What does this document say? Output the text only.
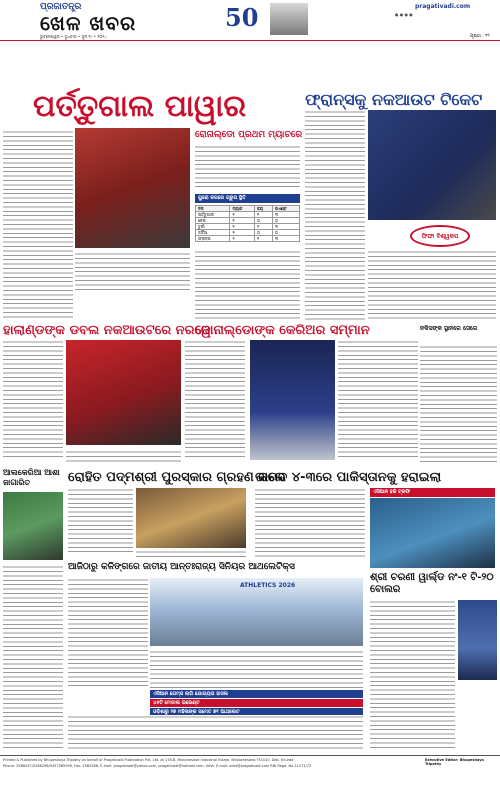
ପ୍ରଜାତନ୍ତ୍ର
ଖେଳ ଖବର	50
ଭୁବନେଶ୍ୱର • ବୁଧବାର • ଜୁନ୍ ୧୯ • ୨୦୨୪
pragativadi.com
● ● ● ●
ପୃଷ୍ଠା : ୧୨
ପର୍ତ୍ତୁଗାଲ ପାୱାର
ରୋନାଲ୍ଡୋ ପ୍ରଥମ ମ୍ୟାଚରେ
ୟୁରୋ କପରେ ଗ୍ରୁପ ସ୍ଥିତି
ଦଳ	ମ୍ୟାଚ	ଜୟ	ପଏଣ୍ଟ
ପର୍ତ୍ତୁଗାଲ	୧	୧	୩
ଚେକ	୧	୦	୦
ତୁର୍କୀ	୧	୧	୩
ଜର୍ଜିଆ	୧	୦	୦
ଫ୍ରାନ୍ସ	୧	୧	୩
ଫ୍ରାନ୍ସକୁ ନକଆଉଟ ଟିକେଟ
ଫିଫା ବିଶ୍ୱକପ
ହାଲାଣ୍ଡଙ୍କ ଡବଲ ନକଆଉଟରେ ନରୱେ
ଜୋନାଲ୍ଡୋଙ୍କ କେରିଅର ସମ୍ମାନ	ନକିସଙ୍କ ସ୍ଥାନରେ ସେରେ
ଆଲକେରିଆ ଆଶା ଜାଗାରିତ	ରୋହିତ ପଦ୍ମଶ୍ରୀ ପୁରସ୍କାର ଗ୍ରହଣ କଲେ
ଭାରତ ୪-୩ରେ ପାକିସ୍ତାନକୁ ହରାଇଲା
ଏସିଆନ ହକି ଟ୍ରଫି
ଆଜିଠାରୁ କଳିଙ୍ଗରେ ଜାତୀୟ ଆନ୍ତଃରାଜ୍ୟ ସିନିୟର ଆଥଲେଟିକ୍ସ
ATHLETICS 2026
ଏସିଆନ ଗେମ୍ସ ଲାଗି ଯୋଗ୍ୟତା ହାସଲ
୪୫ଟି ମେଡାଲ ଇଭେଣ୍ଟ
ଓଡ଼ିଶାରୁ ୨୭ ମହିଳାଙ୍କ ସମେତ ୭୧ ଆଥଲେଟ
ଶ୍ରୀ ଚରଣୀ ୱାର୍ଲ୍ଡ ନଂ-୧ ଟି-୨୦ ବୋଲର
Printed & Published by Bhupeshaya Tripathy on behalf of Pragativadi Publication Pvt. Ltd. at 178-B, Mancheswar Industrial Estate, Bhubaneswar-751010, Dist. Khurda
Phone: 2588297/2588298/9437085990, Fax: 2582586, E-mail: pragativadi@yahoo.com, pragativadi@hotmail.com, Advt. E-mail: advt@pragativadi.com RNI Regd. No 21271/73
Executive Editor: Bhupeshaya Tripathy
